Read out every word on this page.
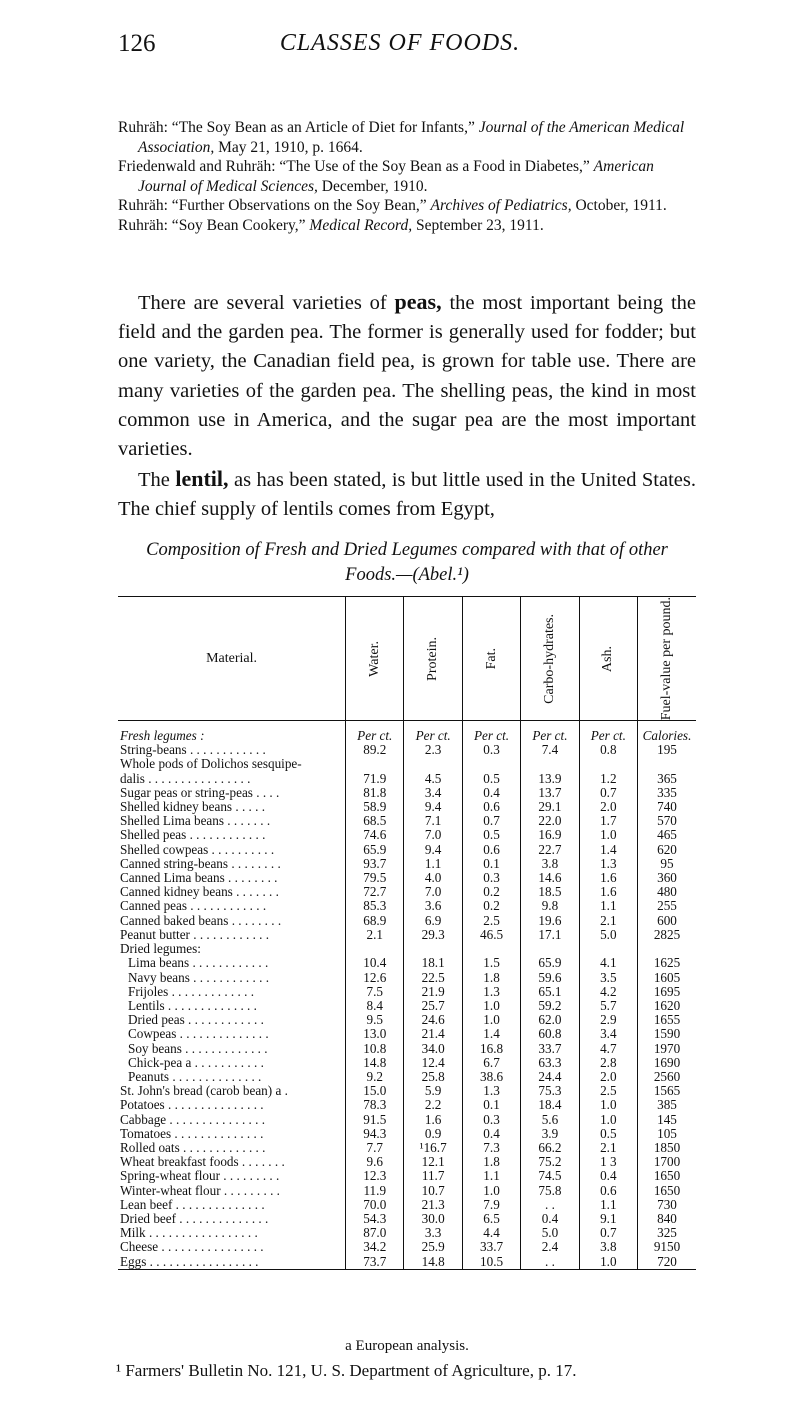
126	CLASSES OF FOODS.

Ruhräh: “The Soy Bean as an Article of Diet for Infants,” Journal of the American Medical Association, May 21, 1910, p. 1664.

Friedenwald and Ruhräh: “The Use of the Soy Bean as a Food in Diabetes,” American Journal of Medical Sciences, December, 1910.

Ruhräh: “Further Observations on the Soy Bean,” Archives of Pediatrics, October, 1911.

Ruhräh: “Soy Bean Cookery,” Medical Record, September 23, 1911.

There are several varieties of peas, the most important being the field and the garden pea. The former is generally used for fodder; but one variety, the Canadian field pea, is grown for table use. There are many varieties of the garden pea. The shelling peas, the kind in most common use in America, and the sugar pea are the most important varieties.

The lentil, as has been stated, is but little used in the United States. The chief supply of lentils comes from Egypt,

Composition of Fresh and Dried Legumes compared with that of other
Foods.—(Abel.¹)
Material.	Water.	Protein.	Fat.	Carbo-hydrates.	Ash.	Fuel-value per pound.

Fresh legumes :	Per ct.	Per ct.	Per ct.	Per ct.	Per ct.	Calories.
String-beans . . . . . . . . . . . .	89.2	2.3	0.3	7.4	0.8	195
Whole pods of Dolichos sesquipe-						
dalis . . . . . . . . . . . . . . . .	71.9	4.5	0.5	13.9	1.2	365
Sugar peas or string-peas . . . .	81.8	3.4	0.4	13.7	0.7	335
Shelled kidney beans . . . . .	58.9	9.4	0.6	29.1	2.0	740
Shelled Lima beans . . . . . . .	68.5	7.1	0.7	22.0	1.7	570
Shelled peas . . . . . . . . . . . .	74.6	7.0	0.5	16.9	1.0	465
Shelled cowpeas . . . . . . . . . .	65.9	9.4	0.6	22.7	1.4	620
Canned string-beans . . . . . . . .	93.7	1.1	0.1	3.8	1.3	95
Canned Lima beans . . . . . . . .	79.5	4.0	0.3	14.6	1.6	360
Canned kidney beans . . . . . . .	72.7	7.0	0.2	18.5	1.6	480
Canned peas . . . . . . . . . . . .	85.3	3.6	0.2	9.8	1.1	255
Canned baked beans . . . . . . . .	68.9	6.9	2.5	19.6	2.1	600
Peanut butter . . . . . . . . . . . .	2.1	29.3	46.5	17.1	5.0	2825
Dried legumes:						
Lima beans . . . . . . . . . . . .	10.4	18.1	1.5	65.9	4.1	1625
Navy beans . . . . . . . . . . . .	12.6	22.5	1.8	59.6	3.5	1605
Frijoles . . . . . . . . . . . . .	7.5	21.9	1.3	65.1	4.2	1695
Lentils . . . . . . . . . . . . . .	8.4	25.7	1.0	59.2	5.7	1620
Dried peas . . . . . . . . . . . .	9.5	24.6	1.0	62.0	2.9	1655
Cowpeas . . . . . . . . . . . . . .	13.0	21.4	1.4	60.8	3.4	1590
Soy beans . . . . . . . . . . . . .	10.8	34.0	16.8	33.7	4.7	1970
Chick-pea a . . . . . . . . . . .	14.8	12.4	6.7	63.3	2.8	1690
Peanuts . . . . . . . . . . . . . .	9.2	25.8	38.6	24.4	2.0	2560
St. John's bread (carob bean) a .	15.0	5.9	1.3	75.3	2.5	1565
Potatoes . . . . . . . . . . . . . . .	78.3	2.2	0.1	18.4	1.0	385
Cabbage . . . . . . . . . . . . . . .	91.5	1.6	0.3	5.6	1.0	145
Tomatoes . . . . . . . . . . . . . .	94.3	0.9	0.4	3.9	0.5	105
Rolled oats . . . . . . . . . . . . .	7.7	¹16.7	7.3	66.2	2.1	1850
Wheat breakfast foods . . . . . . .	9.6	12.1	1.8	75.2	1 3	1700
Spring-wheat flour . . . . . . . . .	12.3	11.7	1.1	74.5	0.4	1650
Winter-wheat flour . . . . . . . . .	11.9	10.7	1.0	75.8	0.6	1650
Lean beef . . . . . . . . . . . . . .	70.0	21.3	7.9	. .	1.1	730
Dried beef . . . . . . . . . . . . . .	54.3	30.0	6.5	0.4	9.1	840
Milk . . . . . . . . . . . . . . . . .	87.0	3.3	4.4	5.0	0.7	325
Cheese . . . . . . . . . . . . . . . .	34.2	25.9	33.7	2.4	3.8	9150
Eggs . . . . . . . . . . . . . . . . .	73.7	14.8	10.5	. .	1.0	720

a European analysis.

¹ Farmers' Bulletin No. 121, U. S. Department of Agriculture, p. 17.
